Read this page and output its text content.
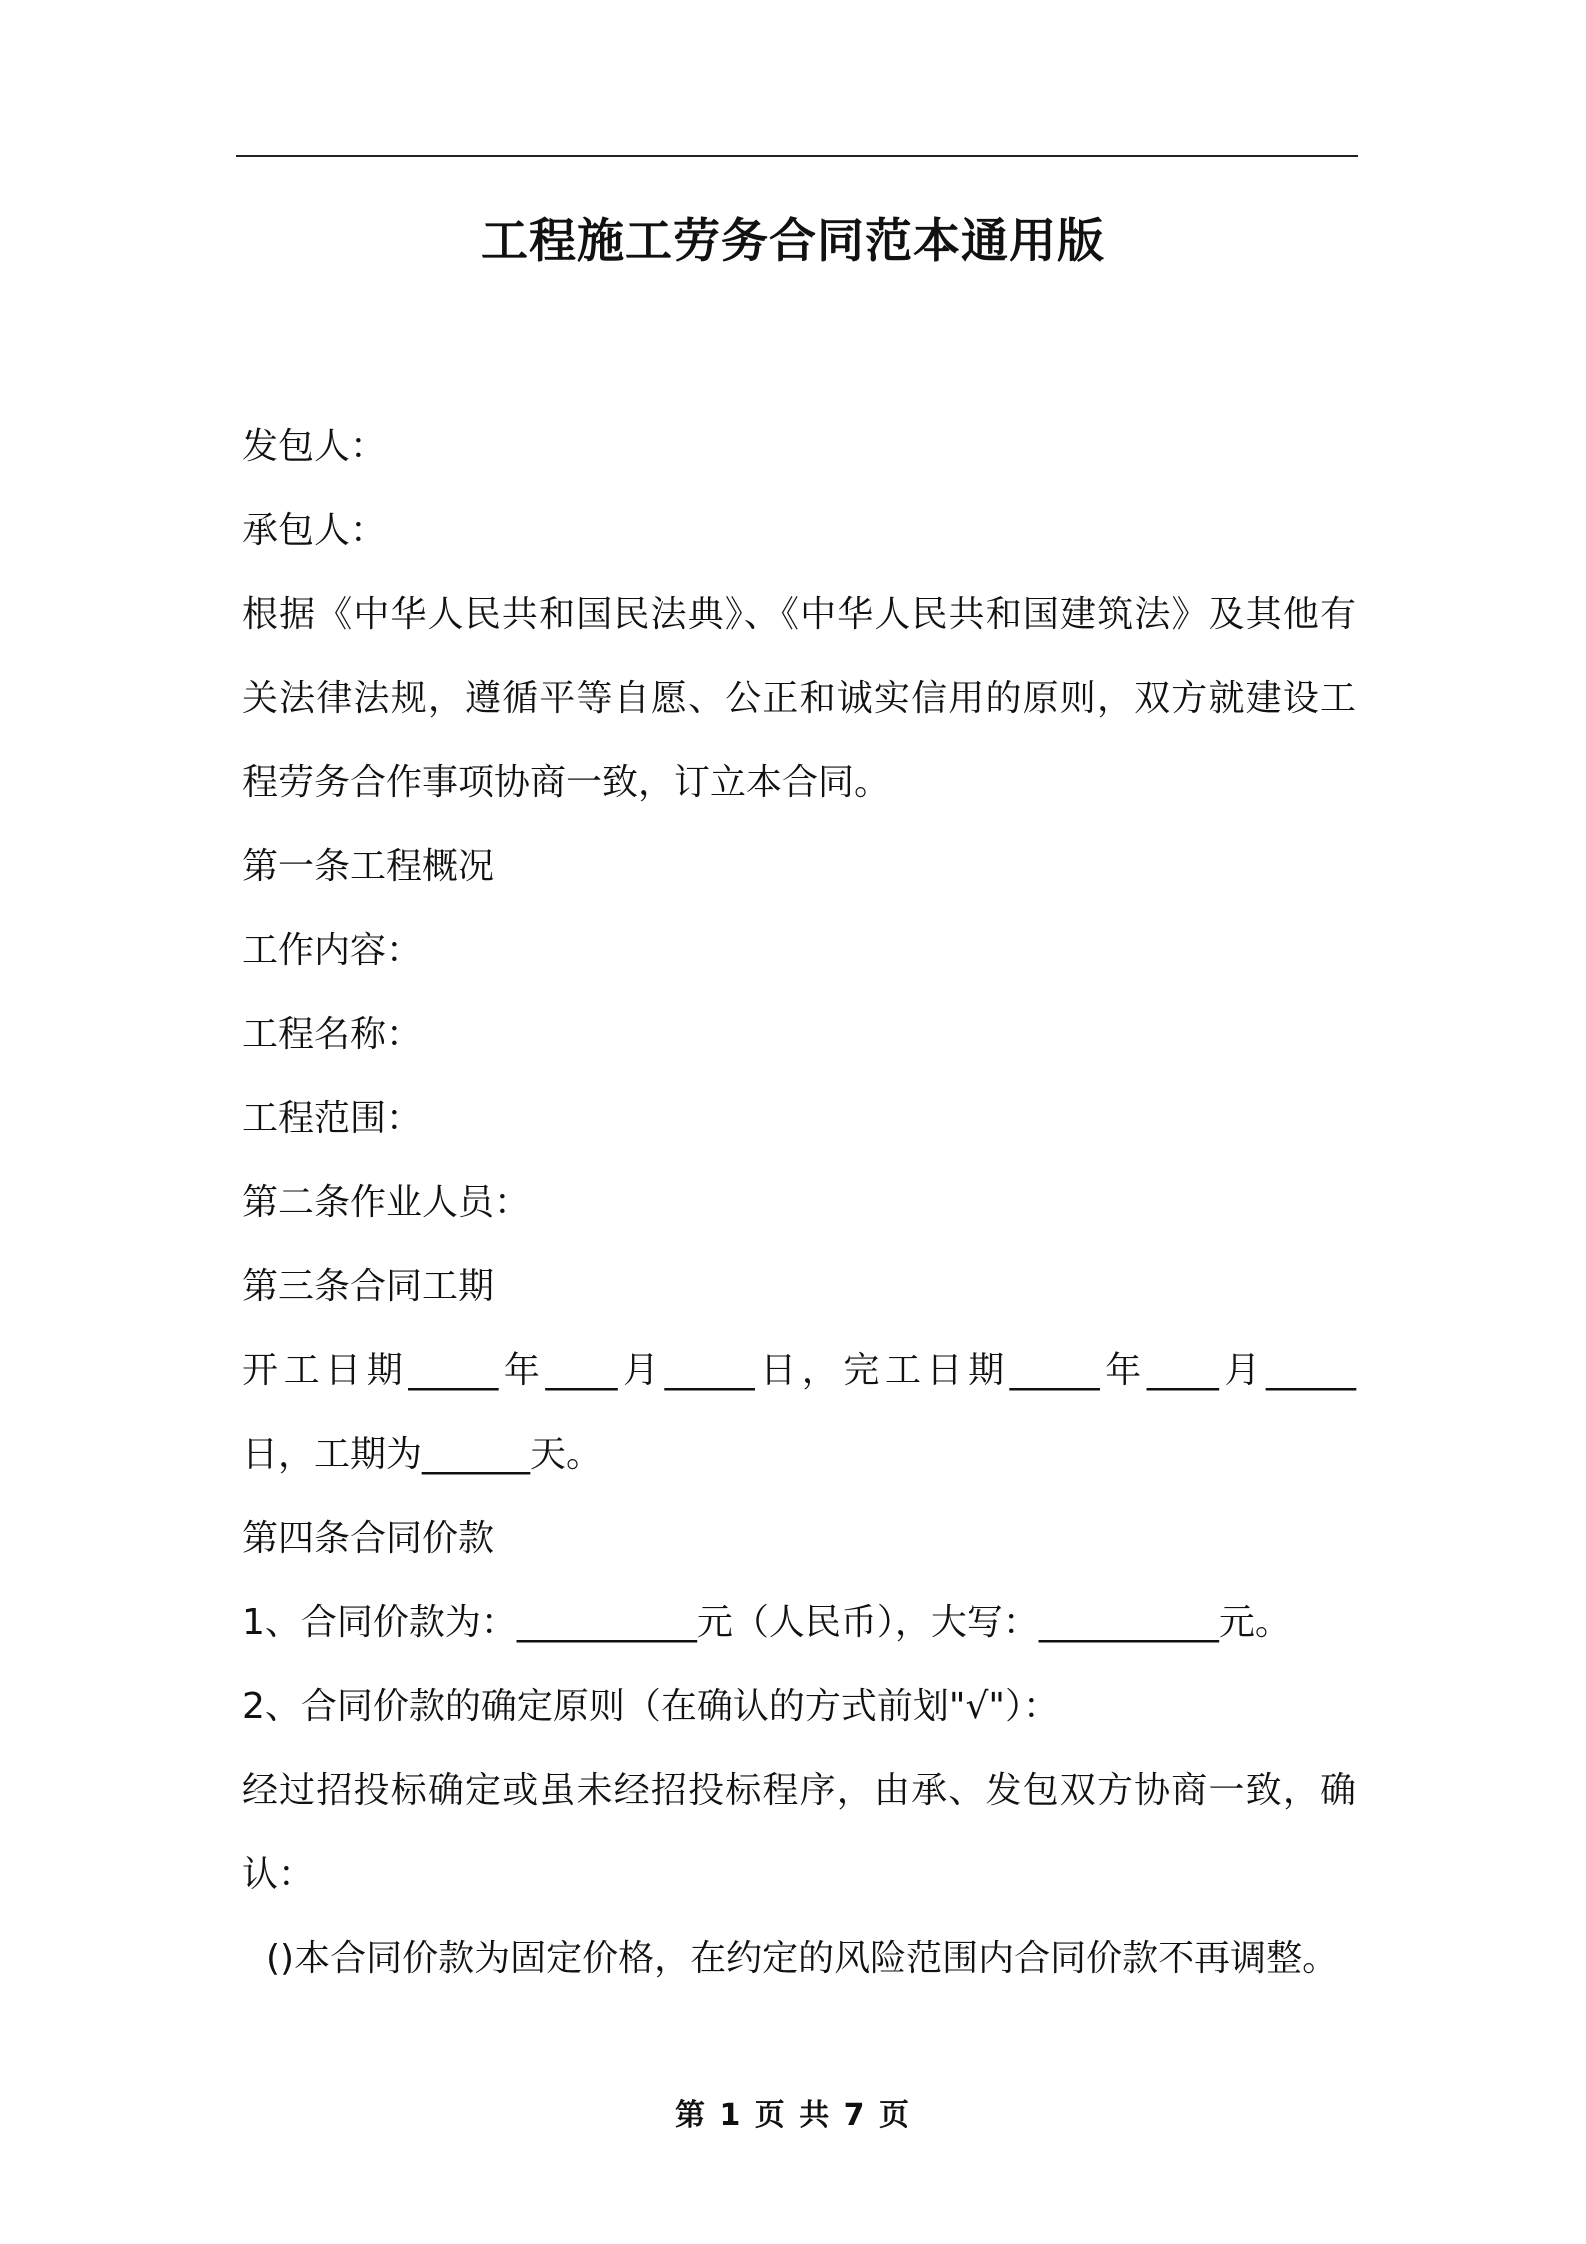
工程施工劳务合同范本通用版
发包人：
承包人：
根据《中华人民共和国民法典》、《中华人民共和国建筑法》及其他有
关法律法规，遵循平等自愿、公正和诚实信用的原则，双方就建设工
程劳务合作事项协商一致，订立本合同。
第一条工程概况
工作内容：
工程名称：
工程范围：
第二条作业人员：
第三条合同工期
开工日期_____年____月_____日，完工日期_____年____月_____
日，工期为______天。
第四条合同价款
1、合同价款为：__________元（人民币），大写：__________元。
2、合同价款的确定原则（在确认的方式前划"√"）：
经过招投标确定或虽未经招投标程序，由承、发包双方协商一致，确
认：
()本合同价款为固定价格，在约定的风险范围内合同价款不再调整。
第 1 页 共 7 页
